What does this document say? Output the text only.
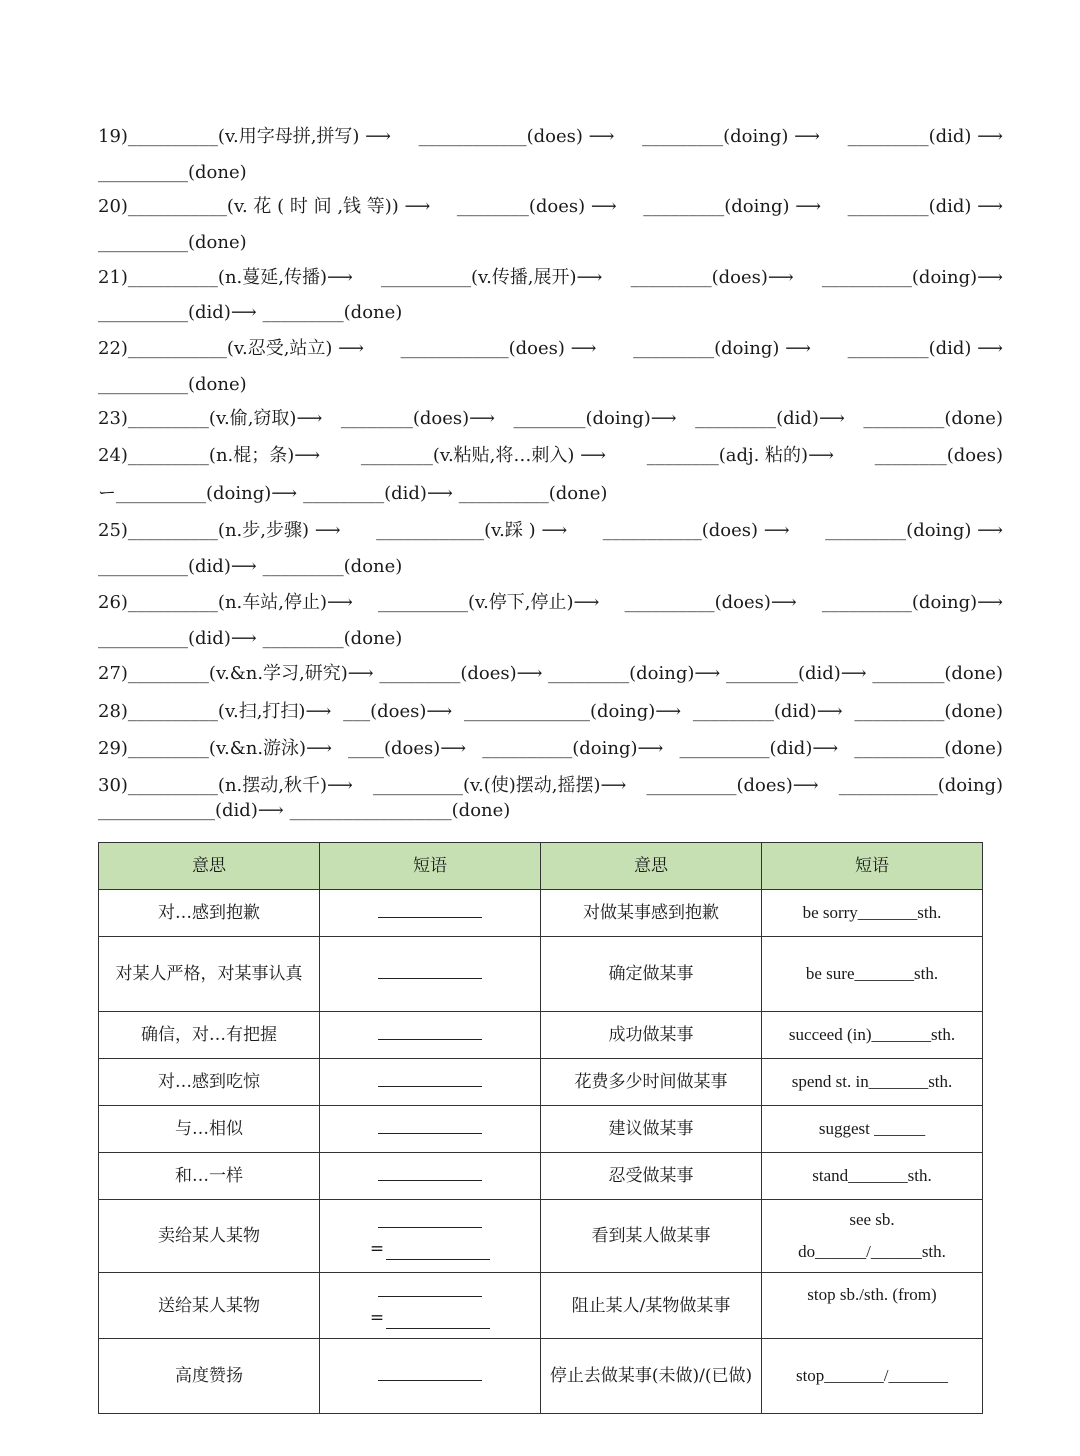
19)__________(v.用字母拼,拼写) ⟶ ____________(does) ⟶ _________(doing) ⟶ _________(did) ⟶
__________(done)
20)___________(v. 花 ( 时 间 ,钱 等)) ⟶ ________(does) ⟶ _________(doing) ⟶ _________(did) ⟶
__________(done)
21)__________(n.蔓延,传播)⟶ __________(v.传播,展开)⟶ _________(does)⟶ __________(doing)⟶
__________(did)⟶ _________(done)
22)___________(v.忍受,站立) ⟶ ____________(does) ⟶ _________(doing) ⟶ _________(did) ⟶
__________(done)
23)_________(v.偷,窃取)⟶ ________(does)⟶ ________(doing)⟶ _________(did)⟶ _________(done)
24)_________(n.棍；条)⟶ ________(v.粘贴,将…刺入) ⟶ ________(adj. 粘的)⟶ ________(does)
ー__________(doing)⟶ _________(did)⟶ __________(done)
25)__________(n.步,步骤) ⟶ ____________(v.踩 ) ⟶ ___________(does) ⟶ _________(doing) ⟶
__________(did)⟶ _________(done)
26)__________(n.车站,停止)⟶ __________(v.停下,停止)⟶ __________(does)⟶ __________(doing)⟶
__________(did)⟶ _________(done)
27)_________(v.&n.学习,研究)⟶ _________(does)⟶ _________(doing)⟶ ________(did)⟶ ________(done)
28)__________(v.扫,打扫)⟶ ___(does)⟶ ______________(doing)⟶ _________(did)⟶ __________(done)
29)_________(v.&n.游泳)⟶ ____(does)⟶ __________(doing)⟶ __________(did)⟶ __________(done)
30)__________(n.摆动,秋千)⟶ __________(v.(使)摆动,摇摆)⟶ __________(does)⟶ ___________(doing)
_____________(did)⟶ __________________(done)
意思	短语	意思	短语
对…感到抱歉		对做某事感到抱歉	be sorry_______sth.
对某人严格，对某事认真		确定做某事	be sure_______sth.
确信，对…有把握		成功做某事	succeed (in)_______sth.
对…感到吃惊		花费多少时间做某事	spend st. in_______sth.
与…相似		建议做某事	suggest ______
和…一样		忍受做某事	stand_______sth.
卖给某人某物	=	看到某人做某事	see sb.
do______/______sth.

送给某人某物	=	阻止某人/某物做某事	stop sb./sth. (from)
高度赞扬		停止去做某事(未做)/(已做)	stop_______/_______
